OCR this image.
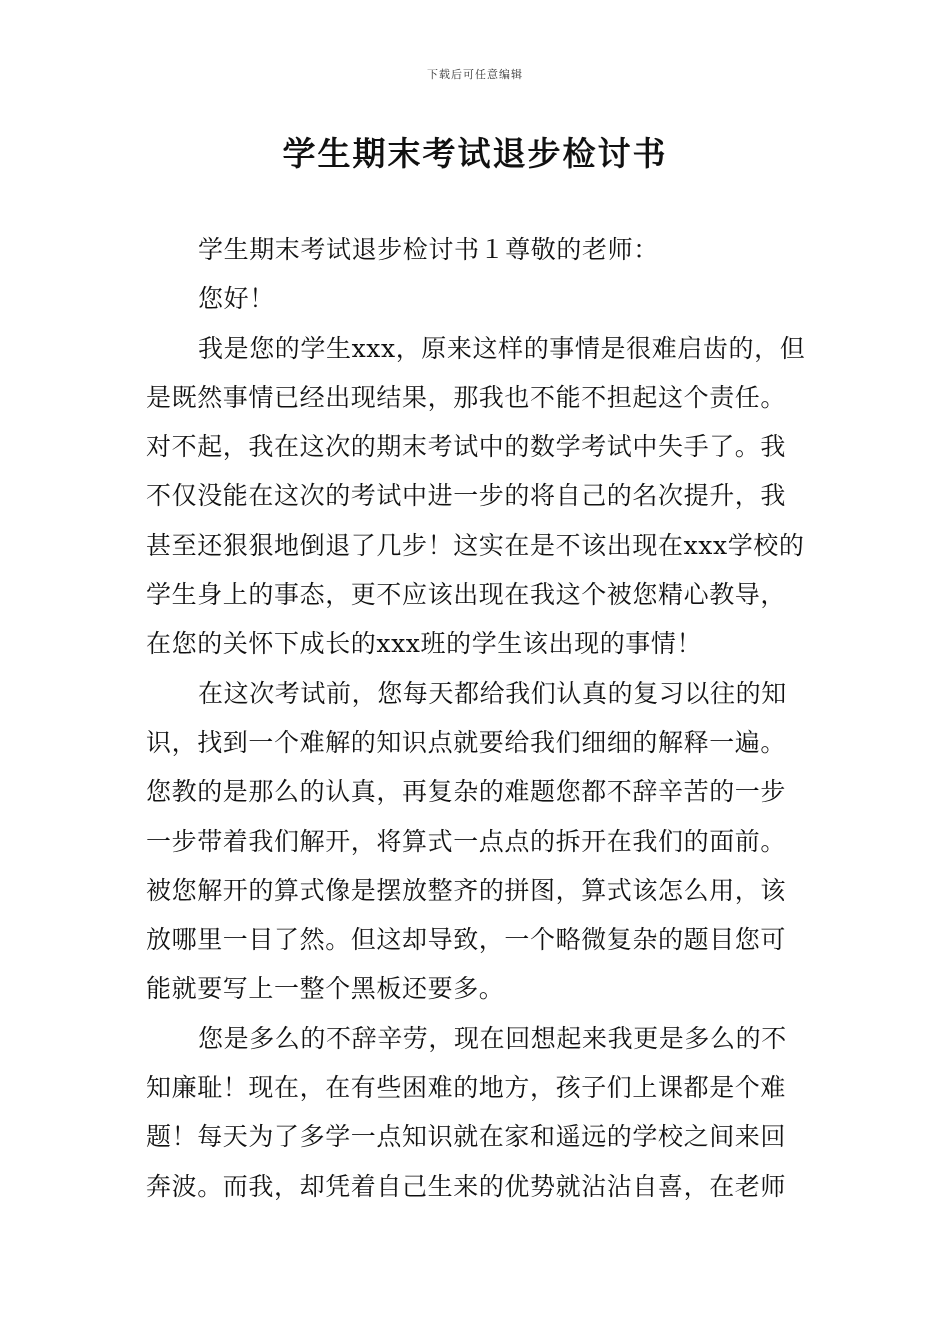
下载后可任意编辑
学生期末考试退步检讨书
学生期末考试退步检讨书１尊敬的老师：
您好！
我是您的学生xxx，原来这样的事情是很难启齿的，但
是既然事情已经出现结果，那我也不能不担起这个责任。
对不起，我在这次的期末考试中的数学考试中失手了。我
不仅没能在这次的考试中进一步的将自己的名次提升，我
甚至还狠狠地倒退了几步！这实在是不该出现在xxx学校的
学生身上的事态，更不应该出现在我这个被您精心教导，
在您的关怀下成长的xxx班的学生该出现的事情！
在这次考试前，您每天都给我们认真的复习以往的知
识，找到一个难解的知识点就要给我们细细的解释一遍。
您教的是那么的认真，再复杂的难题您都不辞辛苦的一步
一步带着我们解开，将算式一点点的拆开在我们的面前。
被您解开的算式像是摆放整齐的拼图，算式该怎么用，该
放哪里一目了然。但这却导致，一个略微复杂的题目您可
能就要写上一整个黑板还要多。
您是多么的不辞辛劳，现在回想起来我更是多么的不
知廉耻！现在，在有些困难的地方，孩子们上课都是个难
题！每天为了多学一点知识就在家和遥远的学校之间来回
奔波。而我，却凭着自己生来的优势就沾沾自喜，在老师
